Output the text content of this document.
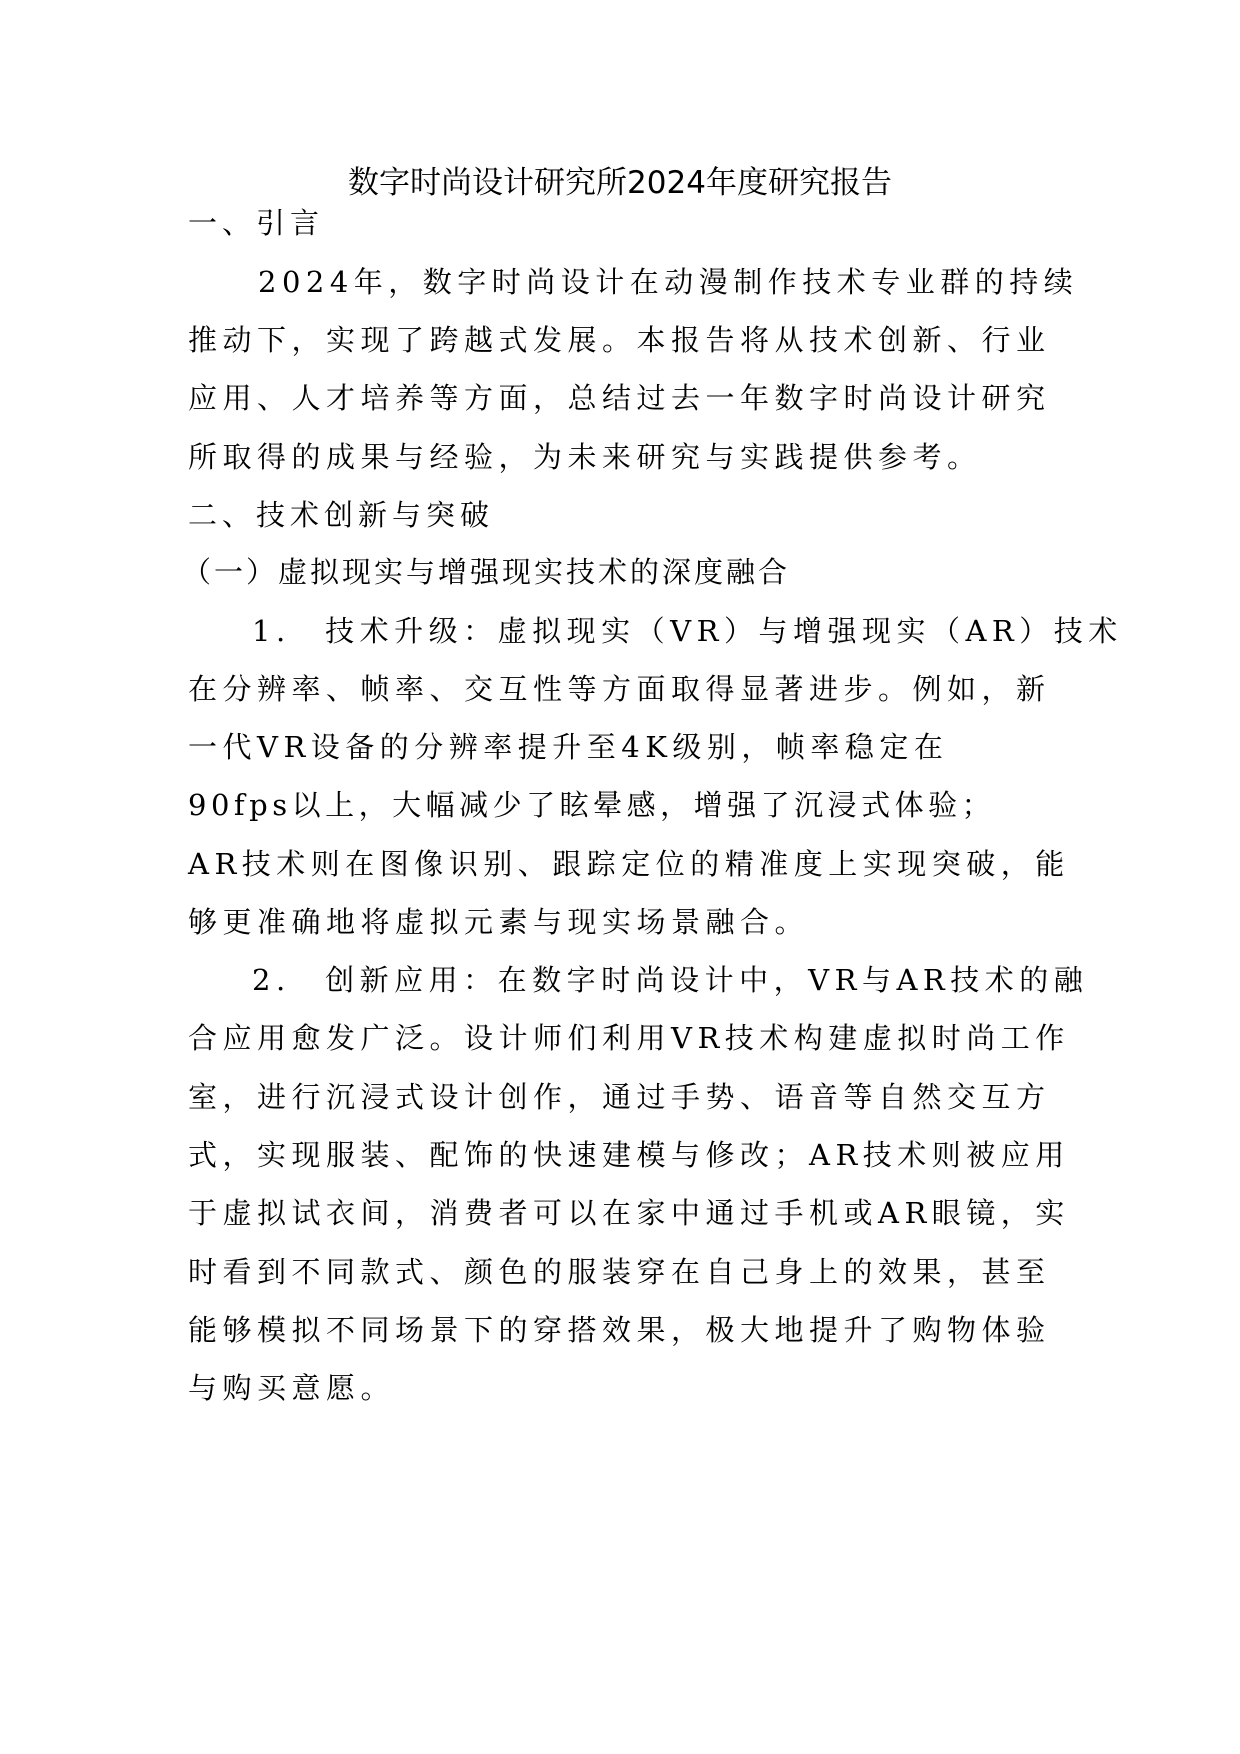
数字时尚设计研究所2024年度研究报告
一、引言
2024年，数字时尚设计在动漫制作技术专业群的持续
推动下，实现了跨越式发展。本报告将从技术创新、行业
应用、人才培养等方面，总结过去一年数字时尚设计研究
所取得的成果与经验，为未来研究与实践提供参考。
二、技术创新与突破
（一）虚拟现实与增强现实技术的深度融合
1.　技术升级：虚拟现实（VR）与增强现实（AR）技术
在分辨率、帧率、交互性等方面取得显著进步。例如，新
一代VR设备的分辨率提升至4K级别，帧率稳定在
90fps以上，大幅减少了眩晕感，增强了沉浸式体验；
AR技术则在图像识别、跟踪定位的精准度上实现突破，能
够更准确地将虚拟元素与现实场景融合。
2.　创新应用：在数字时尚设计中，VR与AR技术的融
合应用愈发广泛。设计师们利用VR技术构建虚拟时尚工作
室，进行沉浸式设计创作，通过手势、语音等自然交互方
式，实现服装、配饰的快速建模与修改；AR技术则被应用
于虚拟试衣间，消费者可以在家中通过手机或AR眼镜，实
时看到不同款式、颜色的服装穿在自己身上的效果，甚至
能够模拟不同场景下的穿搭效果，极大地提升了购物体验
与购买意愿。
